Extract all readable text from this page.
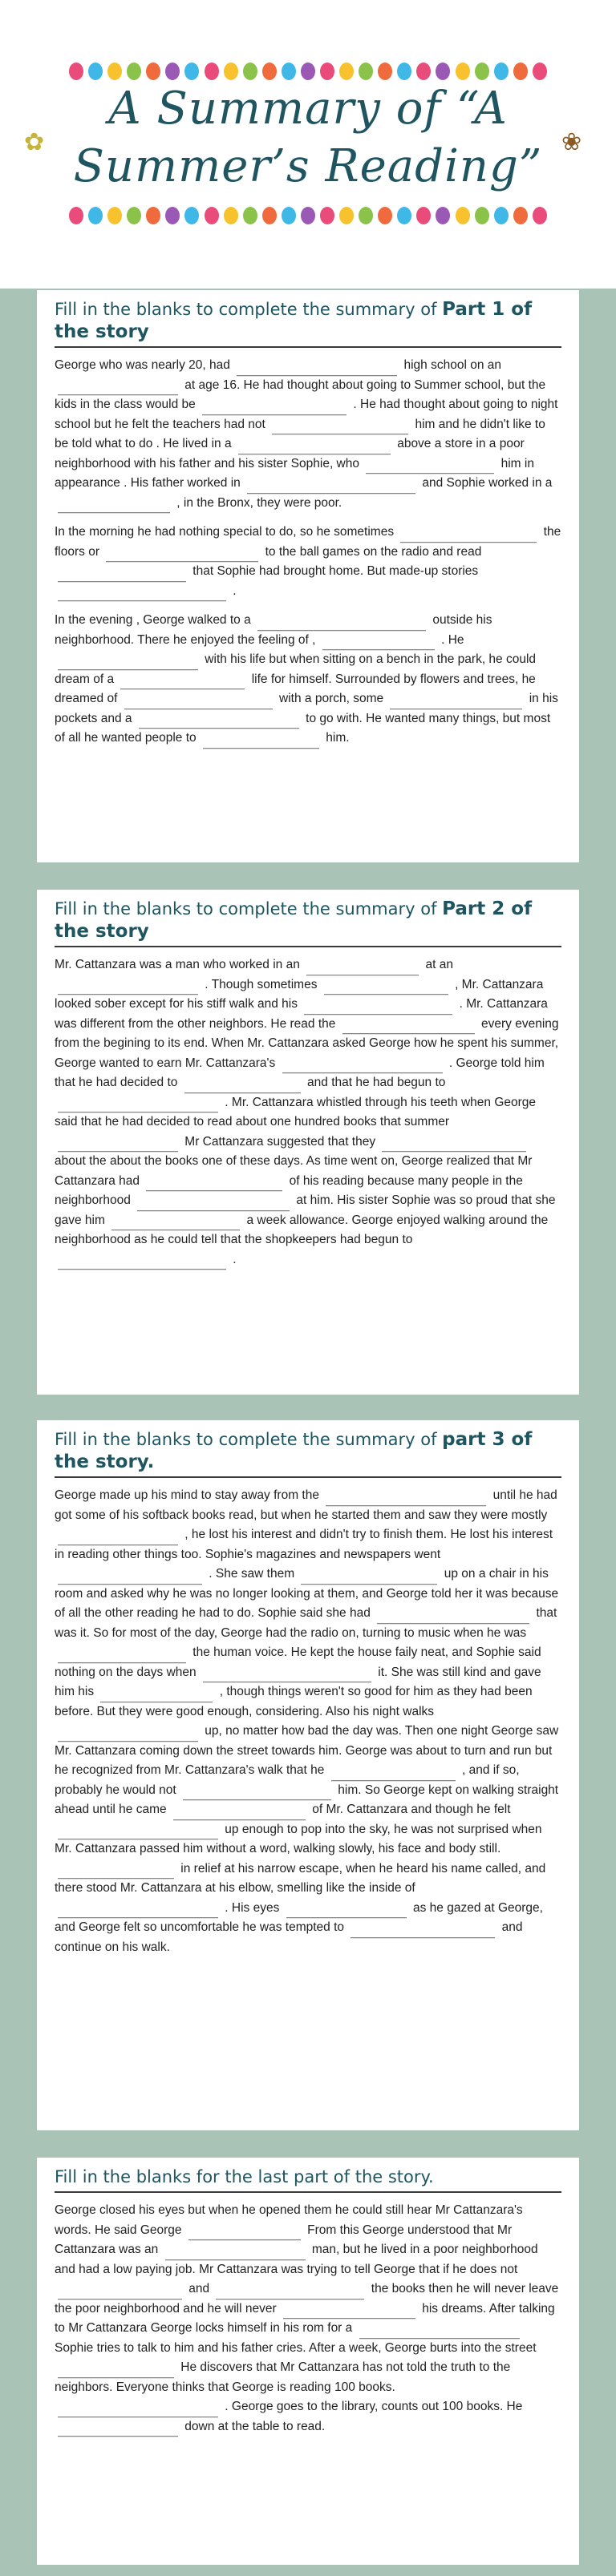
✿
A Summary of “A Summer’s Reading” ❀
Fill in the blanks to complete the summary of Part 1 of the story

George who was nearly 20, had	high school on an  at age 16. He had thought about going to Summer school, but the kids in the class would be	. He had thought about going to night school but he felt the teachers had not	him and he didn't like to be told what to do . He lived in a	above a store in a poor neighborhood with his father and his sister Sophie, who	him in appearance . His father worked in	and Sophie worked in a  , in the Bronx, they were poor.

In the morning he had nothing special to do, so he sometimes	the floors or	to the ball games on the radio and read  that Sophie had brought home. But made-up stories  .

In the evening , George walked to a	outside his neighborhood. There he enjoyed the feeling of ,	. He  with his life but when sitting on a bench in the park, he could dream of a	life for himself. Surrounded by flowers and trees, he dreamed of	with a porch, some	in his pockets and a	to go with. He wanted many things, but most of all he wanted people to	him.

Fill in the blanks to complete the summary of Part 2 of the story

Mr. Cattanzara was a man who worked in an	at an  . Though sometimes	, Mr. Cattanzara looked sober except for his stiff walk and his	. Mr. Cattanzara was different from the other neighbors. He read the	every evening from the begining to its end. When Mr. Cattanzara asked George how he spent his summer, George wanted to earn Mr. Cattanzara's	. George told him that he had decided to	and that he had begun to  . Mr. Cattanzara whistled through his teeth when George said that he had decided to read about one hundred books that summer  Mr Cattanzara suggested that they  about the about the books one of these days. As time went on, George realized that Mr Cattanzara had	of his reading because many people in the neighborhood	at him. His sister Sophie was so proud that she gave him	a week allowance. George enjoyed walking around the neighborhood as he could tell that the shopkeepers had begun to  .

Fill in the blanks to complete the summary of part 3 of the story.

George made up his mind to stay away from the	until he had got some of his softback books read, but when he started them and saw they were mostly  , he lost his interest and didn't try to finish them. He lost his interest in reading other things too. Sophie's magazines and newspapers went  . She saw them	up on a chair in his room and asked why he was no longer looking at them, and George told her it was because of all the other reading he had to do. Sophie said she had	that was it. So for most of the day, George had the radio on, turning to music when he was  the human voice. He kept the house faily neat, and Sophie said nothing on the days when	it. She was still kind and gave him his	, though things weren't so good for him as they had been before. But they were good enough, considering. Also his night walks  up, no matter how bad the day was. Then one night George saw Mr. Cattanzara coming down the street towards him. George was about to turn and run but he recognized from Mr. Cattanzara's walk that he	, and if so, probably he would not	him. So George kept on walking straight ahead until he came	of Mr. Cattanzara and though he felt  up enough to pop into the sky, he was not surprised when Mr. Cattanzara passed him without a word, walking slowly, his face and body still.  in relief at his narrow escape, when he heard his name called, and there stood Mr. Cattanzara at his elbow, smelling like the inside of  . His eyes	as he gazed at George, and George felt so uncomfortable he was tempted to	and continue on his walk.

Fill in the blanks for the last part of the story.

George closed his eyes but when he opened them he could still hear Mr Cattanzara's words. He said George	From this George understood that Mr Cattanzara was an	man, but he lived in a poor neighborhood and had a low paying job. Mr Cattanzara was trying to tell George that if he does not  and	the books then he will never leave the poor neighborhood and he will never	his dreams. After talking to Mr Cattanzara George locks himself in his rom for a  Sophie tries to talk to him and his father cries. After a week, George burts into the street  He discovers that Mr Cattanzara has not told the truth to the neighbors. Everyone thinks that George is reading 100 books.  . George goes to the library, counts out 100 books. He  down at the table to read.
